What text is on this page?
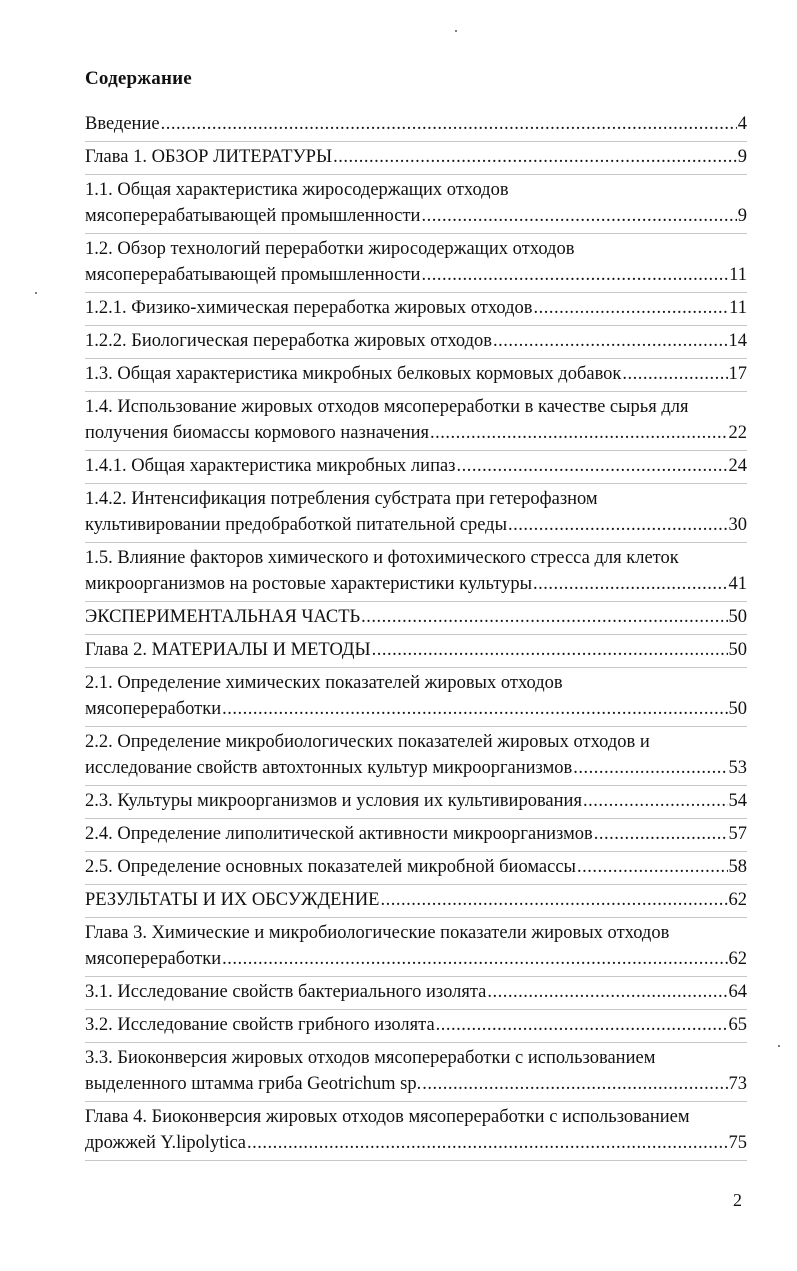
Содержание
Введение .....	4
Глава 1. ОБЗОР ЛИТЕРАТУРЫ .....	9
1.1. Общая характеристика жиросодержащих отходов
мясоперерабатывающей промышленности .....	9
1.2. Обзор технологий переработки жиросодержащих отходов
мясоперерабатывающей промышленности .....	11
1.2.1. Физико-химическая переработка жировых отходов .....	11
1.2.2. Биологическая переработка жировых отходов .....	14
1.3. Общая характеристика микробных белковых кормовых добавок .....	17
1.4. Использование жировых отходов мясопереработки в качестве сырья для
получения биомассы кормового назначения .....	22
1.4.1. Общая характеристика микробных липаз .....	24
1.4.2. Интенсификация потребления субстрата при гетерофазном
культивировании предобработкой питательной среды .....	30
1.5. Влияние факторов химического и фотохимического стресса для клеток
микроорганизмов на ростовые характеристики культуры .....	41
ЭКСПЕРИМЕНТАЛЬНАЯ ЧАСТЬ .....	50
Глава 2. МАТЕРИАЛЫ И МЕТОДЫ .....	50
2.1. Определение химических показателей жировых отходов
мясопереработки .....	50
2.2. Определение микробиологических показателей жировых отходов и
исследование свойств автохтонных культур микроорганизмов .....	53
2.3. Культуры микроорганизмов и условия их культивирования .....	54
2.4. Определение липолитической активности микроорганизмов .....	57
2.5. Определение основных показателей микробной биомассы .....	58
РЕЗУЛЬТАТЫ И ИХ ОБСУЖДЕНИЕ .....	62
Глава 3. Химические и микробиологические показатели жировых отходов
мясопереработки .....	62
3.1. Исследование свойств бактериального изолята .....	64
3.2. Исследование свойств грибного изолята .....	65
3.3. Биоконверсия жировых отходов мясопереработки с использованием
выделенного штамма гриба Geotrichum sp. .....	73
Глава 4. Биоконверсия жировых отходов мясопереработки с использованием
дрожжей Y.lipolytica .....	75
2
